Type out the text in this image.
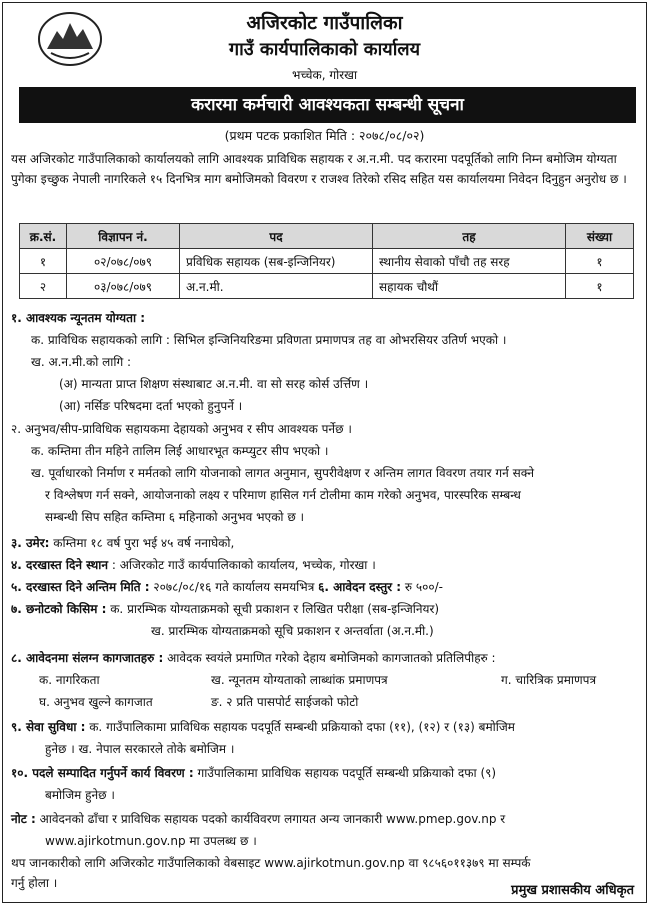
अजिरकोट गाउँपालिका
गाउँ कार्यपालिकाको कार्यालय
भच्चेक, गोरखा
करारमा कर्मचारी आवश्यकता सम्बन्धी सूचना
(प्रथम पटक प्रकाशित मिति : २०७८/०८/०२)
यस अजिरकोट गाउँपालिकाको कार्यालयको लागि आवश्यक प्राविधिक सहायक र अ.न.मी. पद करारमा पदपूर्तिको लागि निम्न बमोजिम योग्यता पुगेका इच्छुक नेपाली नागरिकले १५ दिनभित्र माग बमोजिमको विवरण र राजश्व तिरेको रसिद सहित यस कार्यालयमा निवेदन दिनुहुन अनुरोध छ ।
क्र.सं.	विज्ञापन नं.	पद	तह	संख्या
१	०२/०७८/०७९	प्रविधिक सहायक (सब-इन्जिनियर)	स्थानीय सेवाको पाँचौ तह सरह	१
२	०३/०७८/०७९	अ.न.मी.	सहायक चौथौं	१
१. आवश्यक न्यूनतम योग्यता :
क. प्राविधिक सहायकको लागि : सिभिल इन्जिनियरिङमा प्रविणता प्रमाणपत्र तह वा ओभरसियर उतिर्ण भएको ।
ख. अ.न.मी.को लागि :
(अ) मान्यता प्राप्त शिक्षण संस्थाबाट अ.न.मी. वा सो सरह कोर्स उर्त्तिण ।
(आ) नर्सिङ परिषदमा दर्ता भएको हुनुपर्ने ।
२. अनुभव/सीप-प्राविधिक सहायकमा देहायको अनुभव र सीप आवश्यक पर्नेछ ।
क. कम्तिमा तीन महिने तालिम लिई आधारभूत कम्प्युटर सीप भएको ।
ख. पूर्वाधारको निर्माण र मर्मतको लागि योजनाको लागत अनुमान, सुपरीवेक्षण र अन्तिम लागत विवरण तयार गर्न सक्ने
र विश्लेषण गर्न सक्ने, आयोजनाको लक्ष्य र परिमाण हासिल गर्न टोलीमा काम गरेको अनुभव, पारस्परिक सम्बन्ध
सम्बन्धी सिप सहित कम्तिमा ६ महिनाको अनुभव भएको छ ।
३. उमेर: कम्तिमा १८ वर्ष पुरा भई ४५ वर्ष ननाघेको,
४. दरखास्त दिने स्थान : अजिरकोट गाउँ कार्यपालिकाको कार्यालय, भच्चेक, गोरखा ।
५. दरखास्त दिने अन्तिम मिति : २०७८/०८/१६ गते कार्यालय समयभित्र ६. आवेदन दस्तुर : रु ५००/-
७. छनोटको किसिम : क. प्रारम्भिक योग्यताक्रमको सूची प्रकाशन र लिखित परीक्षा (सब-इन्जिनियर)
ख. प्रारम्भिक योग्यताक्रमको सूचि प्रकाशन र अन्तर्वाता (अ.न.मी.)
८. आवेदनमा संलग्न कागजातहरु : आवेदक स्वयंले प्रमाणित गरेको देहाय बमोजिमको कागजातको प्रतिलिपीहरु :
क. नागरिकता	ख. न्यूनतम योग्यताको लाब्धांक प्रमाणपत्र	ग. चारित्रिक प्रमाणपत्र
घ. अनुभव खुल्ने कागजात	ङ. २ प्रति पासपोर्ट साईजको फोटो
९. सेवा सुविधा : क. गाउँपालिकामा प्राविधिक सहायक पदपूर्ति सम्बन्धी प्रक्रियाको दफा (११), (१२) र (१३) बमोजिम
हुनेछ । ख. नेपाल सरकारले तोके बमोजिम ।
१०. पदले सम्पादित गर्नुपर्ने कार्य विवरण : गाउँपालिकामा प्राविधिक सहायक पदपूर्ति सम्बन्धी प्रक्रियाको दफा (९)
बमोजिम हुनेछ ।
नोट : आवेदनको ढाँचा र प्राविधिक सहायक पदको कार्यविवरण लगायत अन्य जानकारी www.pmep.gov.np र
www.ajirkotmun.gov.np मा उपलब्ध छ ।
थप जानकारीको लागि अजिरकोट गाउँपालिकाको वेबसाइट www.ajirkotmun.gov.np वा ९८५६०११३७९ मा सम्पर्क
गर्नु होला ।	प्रमुख प्रशासकीय अधिकृत
